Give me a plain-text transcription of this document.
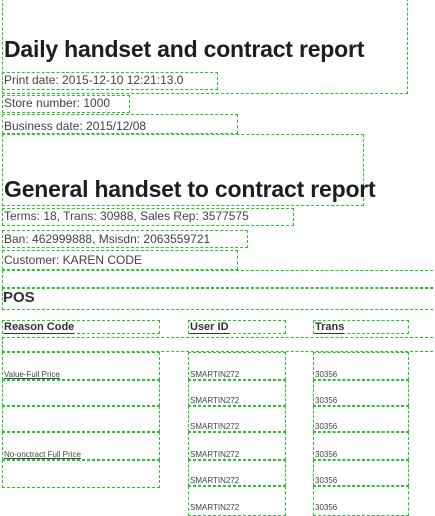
Daily handset and contract report
Print date: 2015-12-10 12:21:13.0
Store number: 1000
Business date: 2015/12/08
General handset to contract report
Terms: 18, Trans: 30988, Sales Rep: 3577575
Ban: 462999888, Msisdn: 2063559721
Customer: KAREN CODE
POS
Reason Code	User ID	Trans
Value-Full Price
No-onctract Full Price
SMARTIN272
SMARTIN272
SMARTIN272
SMARTIN272
SMARTIN272
SMARTIN272
30356
30356
30356
30356
30356
30356
